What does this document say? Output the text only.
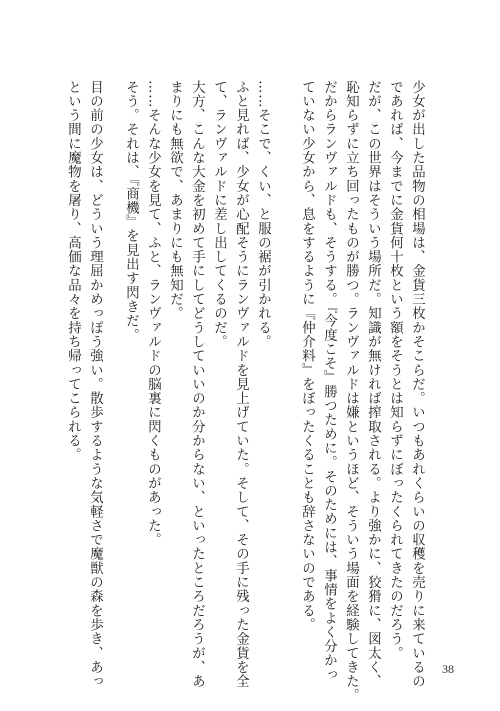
少女が出した品物の相場は、金貨三枚かそこらだ。いつもあれくらいの収穫を売りに来ているの
であれば、今までに金貨何十枚という額をそうとは知らずにぼったくられてきたのだろう。
だが、この世界はそういう場所だ。知識が無ければ搾取される。より強かに、狡猾に、図太く、
恥知らずに立ち回ったものが勝つ。ランヴァルドは嫌というほど、そういう場面を経験してきた。
だからランヴァルドも、そうする。『今度こそ』勝つために。そのためには、事情をよく分かっ
ていない少女から、息をするように『仲介料』をぼったくることも辞さないのである。
……そこで、くい、と服の裾が引かれる。
ふと見れば、少女が心配そうにランヴァルドを見上げていた。そして、その手に残った金貨を全
て、ランヴァルドに差し出してくるのだ。
大方、こんな大金を初めて手にしてどうしていいのか分からない、といったところだろうが、あ
まりにも無欲で、あまりにも無知だ。
……そんな少女を見て、ふと、ランヴァルドの脳裏に閃くものがあった。
そう。それは、『商機』を見出す閃きだ。
目の前の少女は、どういう理屈かめっぽう強い。散歩するような気軽さで魔獣の森を歩き、あっ
という間に魔物を屠り、高価な品々を持ち帰ってこられる。
38
